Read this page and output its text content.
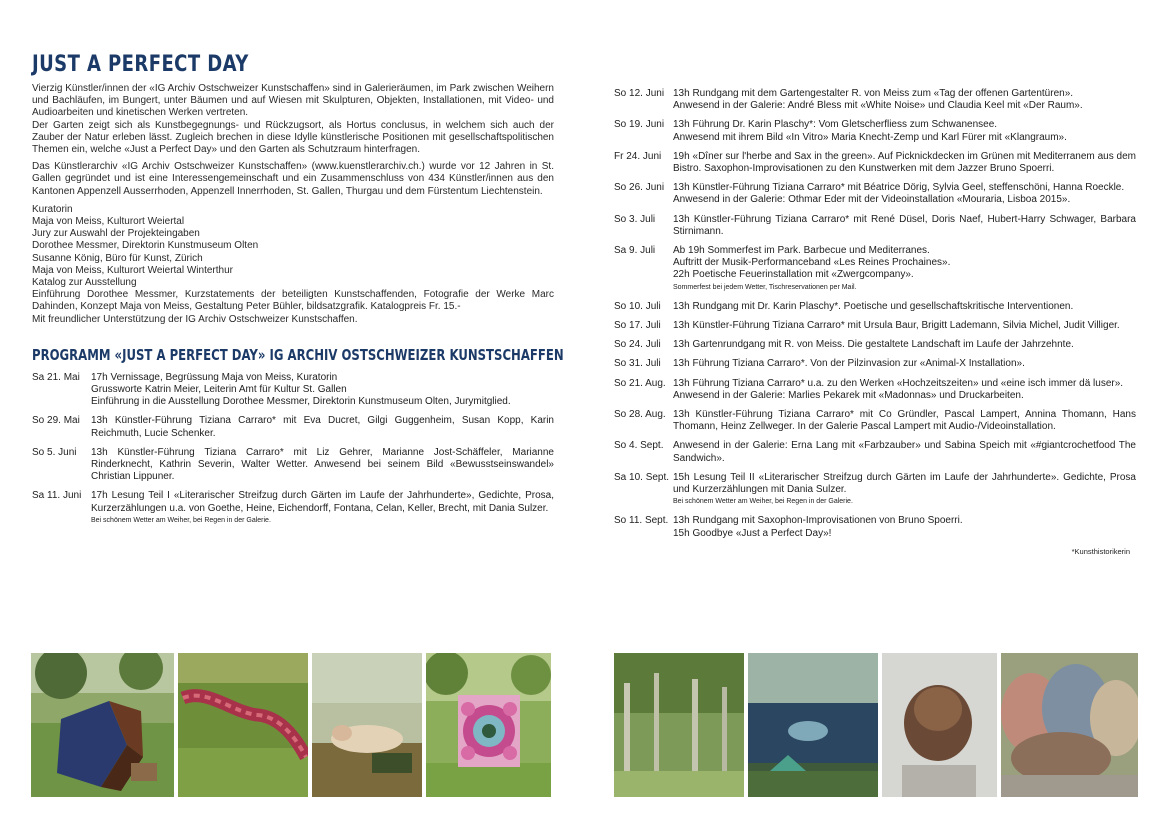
JUST A PERFECT DAY

Vierzig Künstler/innen der «IG Archiv Ostschweizer Kunstschaffen» sind in Galerieräumen, im Park zwischen Weihern und Bachläufen, im Bungert, unter Bäumen und auf Wiesen mit Skulpturen, Objekten, Installationen, mit Video- und Audioarbeiten und kinetischen Werken vertreten.

Der Garten zeigt sich als Kunstbegegnungs- und Rückzugsort, als Hortus conclusus, in welchem sich auch der Zauber der Natur erleben lässt. Zugleich brechen in diese Idylle künstlerische Positionen mit gesellschaftspolitischen Themen ein, welche «Just a Perfect Day» und den Garten als Schutzraum hinterfragen.

Das Künstlerarchiv «IG Archiv Ostschweizer Kunstschaffen» (www.kuenstlerarchiv.ch.) wurde vor 12 Jahren in St. Gallen gegründet und ist eine Interessengemeinschaft und ein Zusammenschluss von 434 Künstler/innen aus den Kantonen Appenzell Ausserrhoden, Appenzell Innerrhoden, St. Gallen, Thurgau und dem Fürstentum Liechtenstein.

Kuratorin
Maja von Meiss, Kulturort Weiertal
Jury zur Auswahl der Projekteingaben
Dorothee Messmer, Direktorin Kunstmuseum Olten
Susanne König, Büro für Kunst, Zürich
Maja von Meiss, Kulturort Weiertal Winterthur
Katalog zur Ausstellung
Einführung Dorothee Messmer, Kurzstatements der beteiligten Kunstschaffenden, Fotografie der Werke Marc Dahinden, Konzept Maja von Meiss, Gestaltung Peter Bühler, bildsatzgrafik. Katalogpreis Fr. 15.-
Mit freundlicher Unterstützung der IG Archiv Ostschweizer Kunstschaffen.
PROGRAMM «JUST A PERFECT DAY» IG ARCHIV OSTSCHWEIZER KUNSTSCHAFFEN
Sa 21. Mai	17h Vernissage, Begrüssung Maja von Meiss, Kuratorin
Grussworte Katrin Meier, Leiterin Amt für Kultur St. Gallen
Einführung in die Ausstellung Dorothee Messmer, Direktorin Kunstmuseum Olten, Jurymitglied.
So 29. Mai	13h Künstler-Führung Tiziana Carraro* mit Eva Ducret, Gilgi Guggenheim, Susan Kopp, Karin Reichmuth, Lucie Schenker.
So 5. Juni	13h Künstler-Führung Tiziana Carraro* mit Liz Gehrer, Marianne Jost-Schäffeler, Marianne Rinderknecht, Kathrin Severin, Walter Wetter. Anwesend bei seinem Bild «Bewusstseinswandel» Christian Lippuner.
Sa 11. Juni 17h Lesung Teil I «Literarischer Streifzug durch Gärten im Laufe der Jahrhunderte», Gedichte, Prosa, Kurzerzählungen u.a. von Goethe, Heine, Eichendorff, Fontana, Celan, Keller, Brecht, mit Dania Sulzer.
Bei schönem Wetter am Weiher, bei Regen in der Galerie.
So 12. Juni 13h Rundgang mit dem Gartengestalter R. von Meiss zum «Tag der offenen Gartentüren».
Anwesend in der Galerie: André Bless mit «White Noise» und Claudia Keel mit «Der Raum».
So 19. Juni 13h Führung Dr. Karin Plaschy*: Vom Gletscherfliess zum Schwanensee.
Anwesend mit ihrem Bild «In Vitro» Maria Knecht-Zemp und Karl Fürer mit «Klangraum».
Fr 24. Juni	19h «Dîner sur l'herbe and Sax in the green». Auf Picknickdecken im Grünen mit Mediterranem aus dem Bistro. Saxophon-Improvisationen zu den Kunstwerken mit dem Jazzer Bruno Spoerri.
So 26. Juni 13h Künstler-Führung Tiziana Carraro* mit Béatrice Dörig, Sylvia Geel, steffenschöni, Hanna Roeckle.
Anwesend in der Galerie: Othmar Eder mit der Videoinstallation «Mouraria, Lisboa 2015».
So 3. Juli	13h Künstler-Führung Tiziana Carraro* mit René Düsel, Doris Naef, Hubert-Harry Schwager, Barbara Stirnimann.
Sa 9. Juli	Ab 19h Sommerfest im Park. Barbecue und Mediterranes.
Auftritt der Musik-Performanceband «Les Reines Prochaines».
22h Poetische Feuerinstallation mit «Zwergcompany».
Sommerfest bei jedem Wetter, Tischreservationen per Mail.
So 10. Juli	13h Rundgang mit Dr. Karin Plaschy*. Poetische und gesellschaftskritische Interventionen.
So 17. Juli	13h Künstler-Führung Tiziana Carraro* mit Ursula Baur, Brigitt Lademann, Silvia Michel, Judit Villiger.
So 24. Juli	13h Gartenrundgang mit R. von Meiss. Die gestaltete Landschaft im Laufe der Jahrzehnte.
So 31. Juli	13h Führung Tiziana Carraro*. Von der Pilzinvasion zur «Animal-X Installation».
So 21. Aug. 13h Führung Tiziana Carraro* u.a. zu den Werken «Hochzeitszeiten» und «eine isch immer dä luser».
Anwesend in der Galerie: Marlies Pekarek mit «Madonnas» und Druckarbeiten.
So 28. Aug. 13h Künstler-Führung Tiziana Carraro* mit Co Gründler, Pascal Lampert, Annina Thomann, Hans Thomann, Heinz Zellweger. In der Galerie Pascal Lampert mit Audio-/Videoinstallation.
So 4. Sept. Anwesend in der Galerie: Erna Lang mit «Farbzauber» und Sabina Speich mit «#giantcrochetfood The Sandwich».
Sa 10. Sept. 15h Lesung Teil II «Literarischer Streifzug durch Gärten im Laufe der Jahrhunderte». Gedichte, Prosa und Kurzerzählungen mit Dania Sulzer.
Bei schönem Wetter am Weiher, bei Regen in der Galerie.
So 11. Sept. 13h Rundgang mit Saxophon-Improvisationen von Bruno Spoerri.
15h Goodbye «Just a Perfect Day»!
*Kunsthistorikerin
